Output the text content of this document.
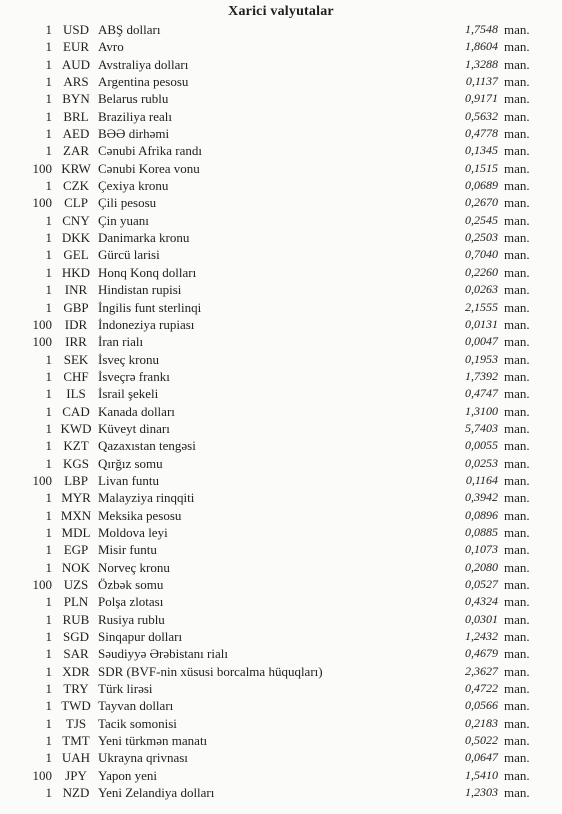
Xarici valyutalar
1 USD ABŞ dolları	1,7548 man.
1 EUR Avro	1,8604 man.
1 AUD Avstraliya dolları	1,3288 man.
1 ARS Argentina pesosu	0,1137 man.
1 BYN Belarus rublu	0,9171 man.
1 BRL Braziliya realı	0,5632 man.
1 AED BƏƏ dirhəmi	0,4778 man.
1 ZAR Cənubi Afrika randı	0,1345 man.
100 KRW Cənubi Korea vonu	0,1515 man.
1 CZK Çexiya kronu	0,0689 man.
100 CLP Çili pesosu	0,2670 man.
1 CNY Çin yuanı	0,2545 man.
1 DKK Danimarka kronu	0,2503 man.
1 GEL Gürcü larisi	0,7040 man.
1 HKD Honq Konq dolları	0,2260 man.
1 INR Hindistan rupisi	0,0263 man.
1 GBP İngilis funt sterlinqi	2,1555 man.
100 IDR İndoneziya rupiası	0,0131 man.
100	IRR İran rialı	0,0047 man.
1 SEK İsveç kronu	0,1953 man.
1 CHF İsveçrə frankı	1,7392 man.
1	ILS İsrail şekeli	0,4747 man.
1 CAD Kanada dolları	1,3100 man.
1 KWD Küveyt dinarı	5,7403 man.
1 KZT Qazaxıstan tengəsi	0,0055 man.
1 KGS Qırğız somu	0,0253 man.
100 LBP Livan funtu	0,1164 man.
1 MYR Malayziya rinqqiti	0,3942 man.
1 MXN Meksika pesosu	0,0896 man.
1 MDL Moldova leyi	0,0885 man.
1 EGP Misir funtu	0,1073 man.
1 NOK Norveç kronu	0,2080 man.
100 UZS Özbək somu	0,0527 man.
1 PLN Polşa zlotası	0,4324 man.
1 RUB Rusiya rublu	0,0301 man.
1 SGD Sinqapur dolları	1,2432 man.
1 SAR Səudiyyə Ərəbistanı rialı	0,4679 man.
1 XDR SDR (BVF-nin xüsusi borcalma hüquqları)	2,3627 man.
1 TRY Türk lirəsi	0,4722 man.
1 TWD Tayvan dolları	0,0566 man.
1	TJS Tacik somonisi	0,2183 man.
1 TMT Yeni türkmən manatı	0,5022 man.
1 UAH Ukrayna qrivnası	0,0647 man.
100	JPY Yapon yeni	1,5410 man.
1 NZD Yeni Zelandiya dolları	1,2303 man.
